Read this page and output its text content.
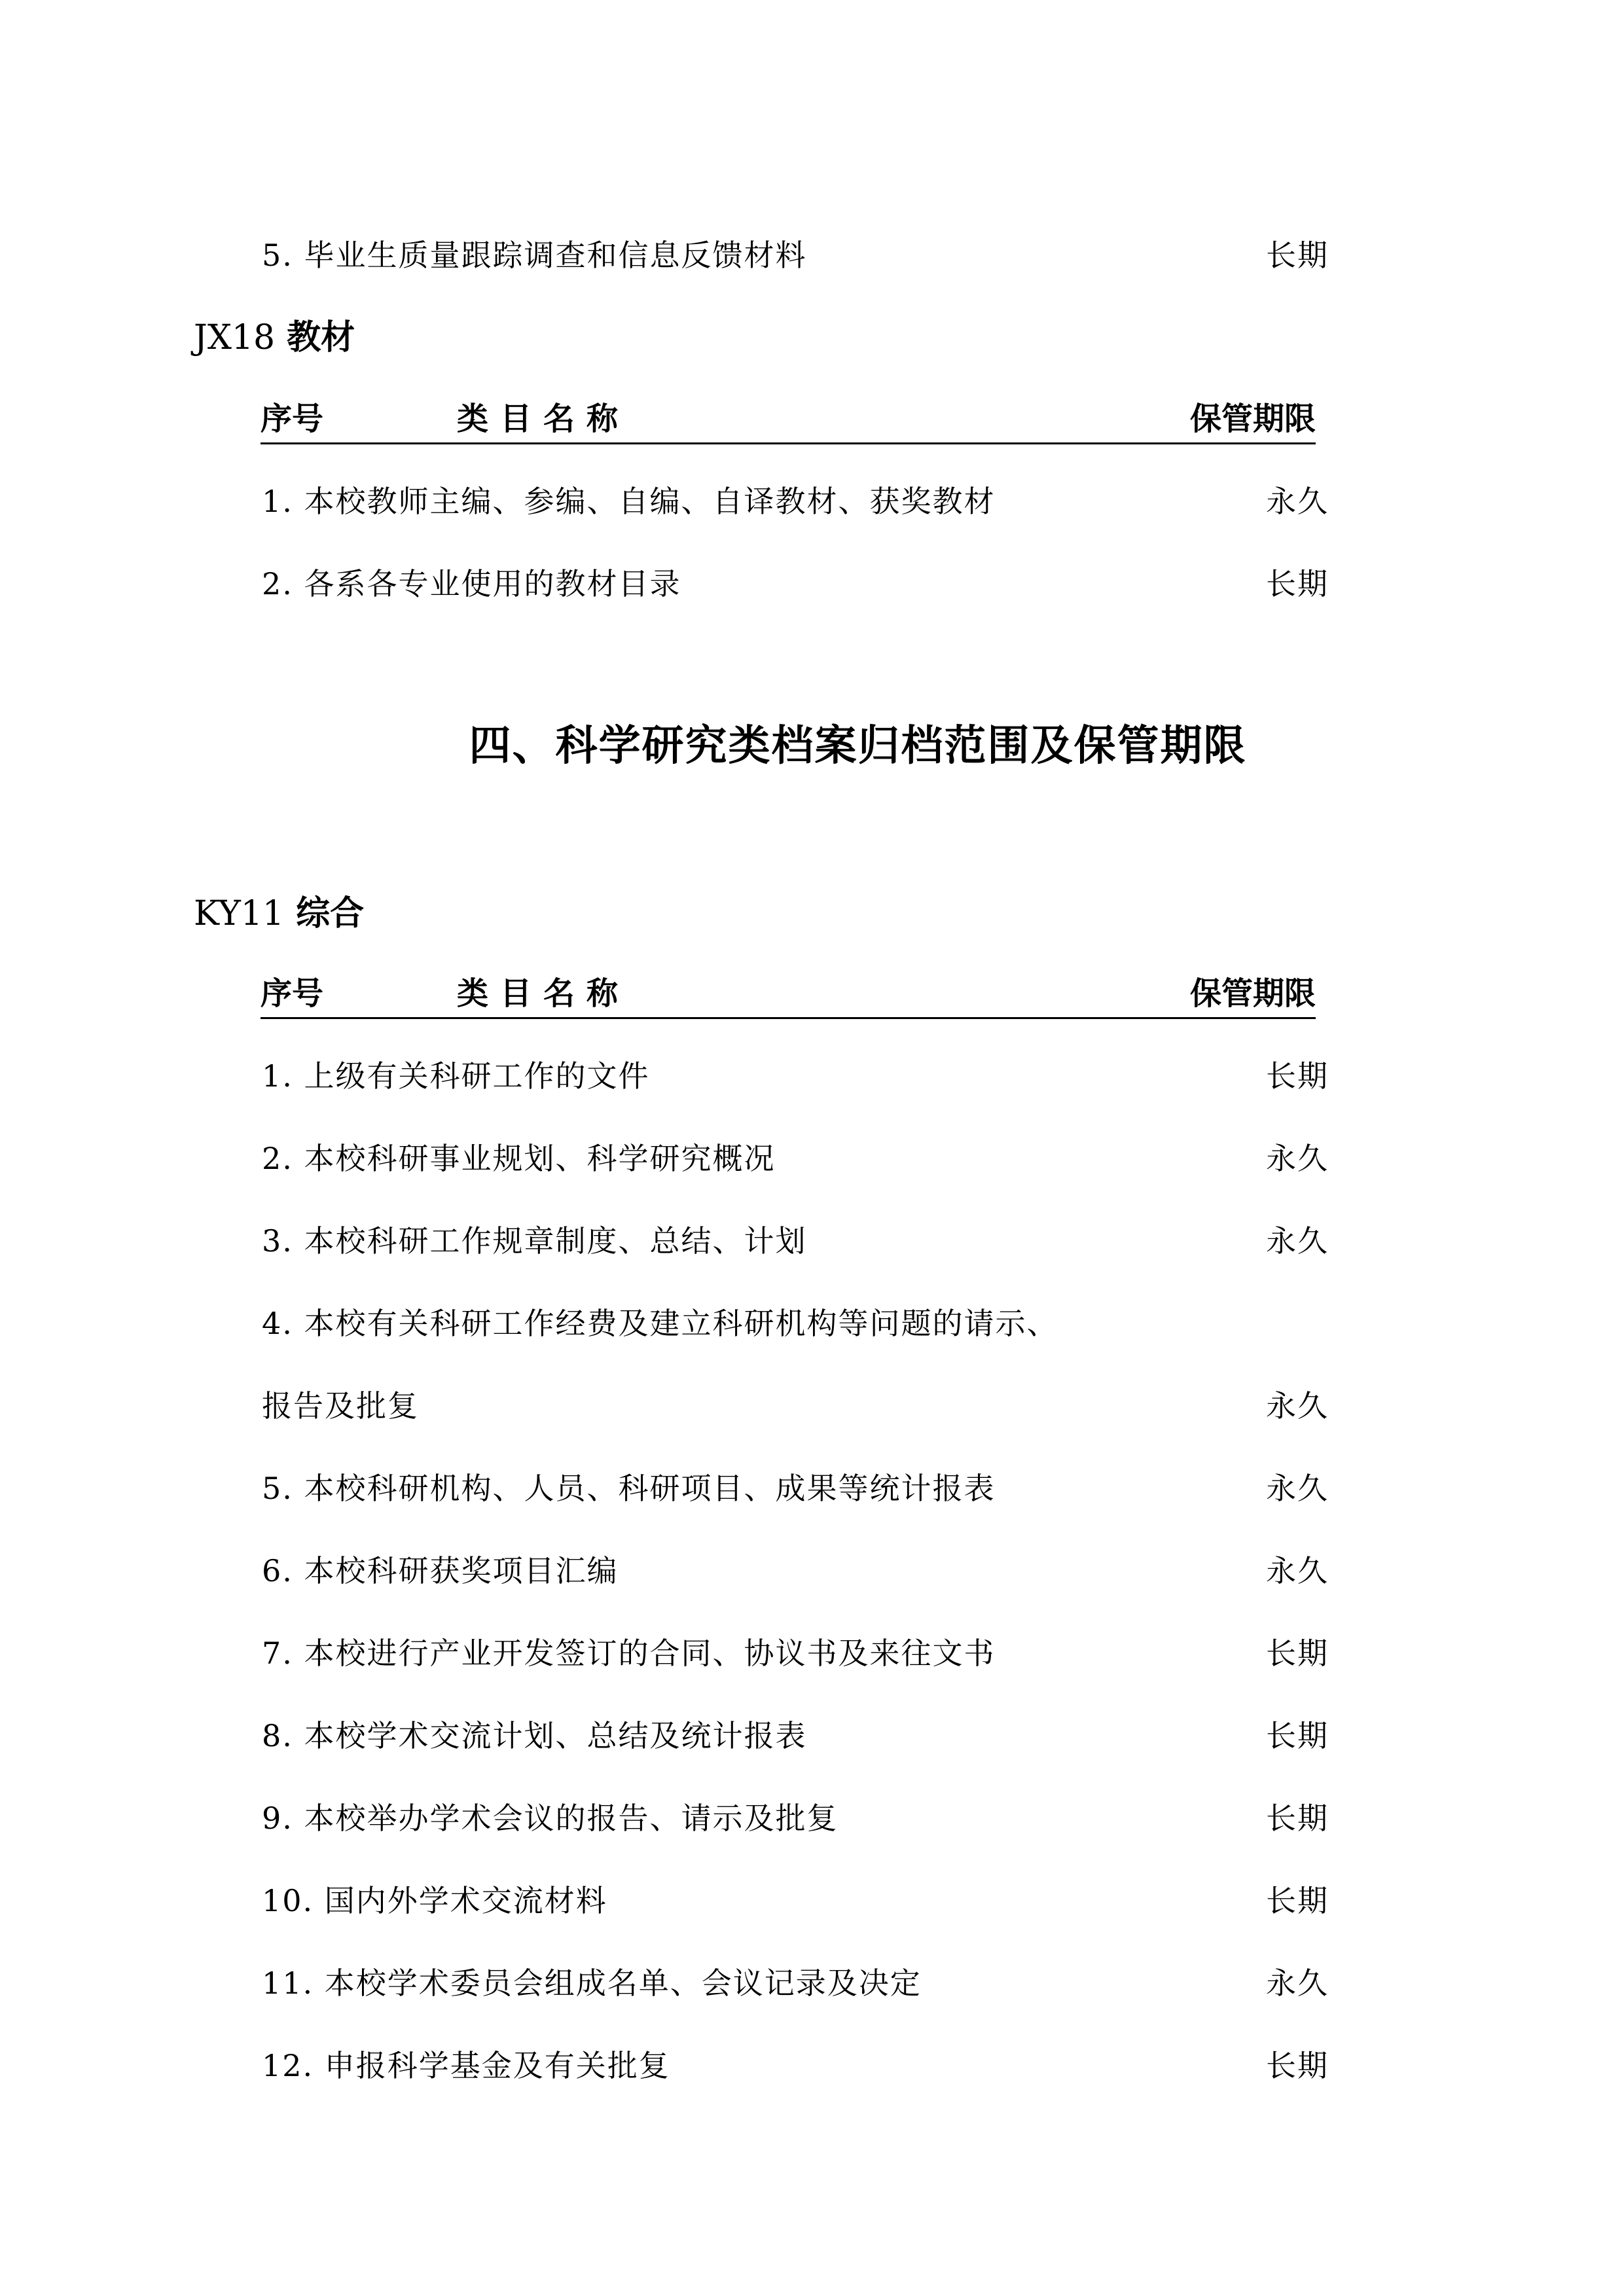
5. 毕业生质量跟踪调查和信息反馈材料	长期
JX18 教材
序号	类目名称	保管期限
1. 本校教师主编、参编、自编、自译教材、获奖教材	永久
2. 各系各专业使用的教材目录	长期
四、科学研究类档案归档范围及保管期限
KY11 综合
序号	类目名称	保管期限
1. 上级有关科研工作的文件	长期
2. 本校科研事业规划、科学研究概况	永久
3. 本校科研工作规章制度、总结、计划	永久
4. 本校有关科研工作经费及建立科研机构等问题的请示、
报告及批复	永久
5. 本校科研机构、人员、科研项目、成果等统计报表	永久
6. 本校科研获奖项目汇编	永久
7. 本校进行产业开发签订的合同、协议书及来往文书	长期
8. 本校学术交流计划、总结及统计报表	长期
9. 本校举办学术会议的报告、请示及批复	长期
10. 国内外学术交流材料	长期
11. 本校学术委员会组成名单、会议记录及决定	永久
12. 申报科学基金及有关批复	长期
